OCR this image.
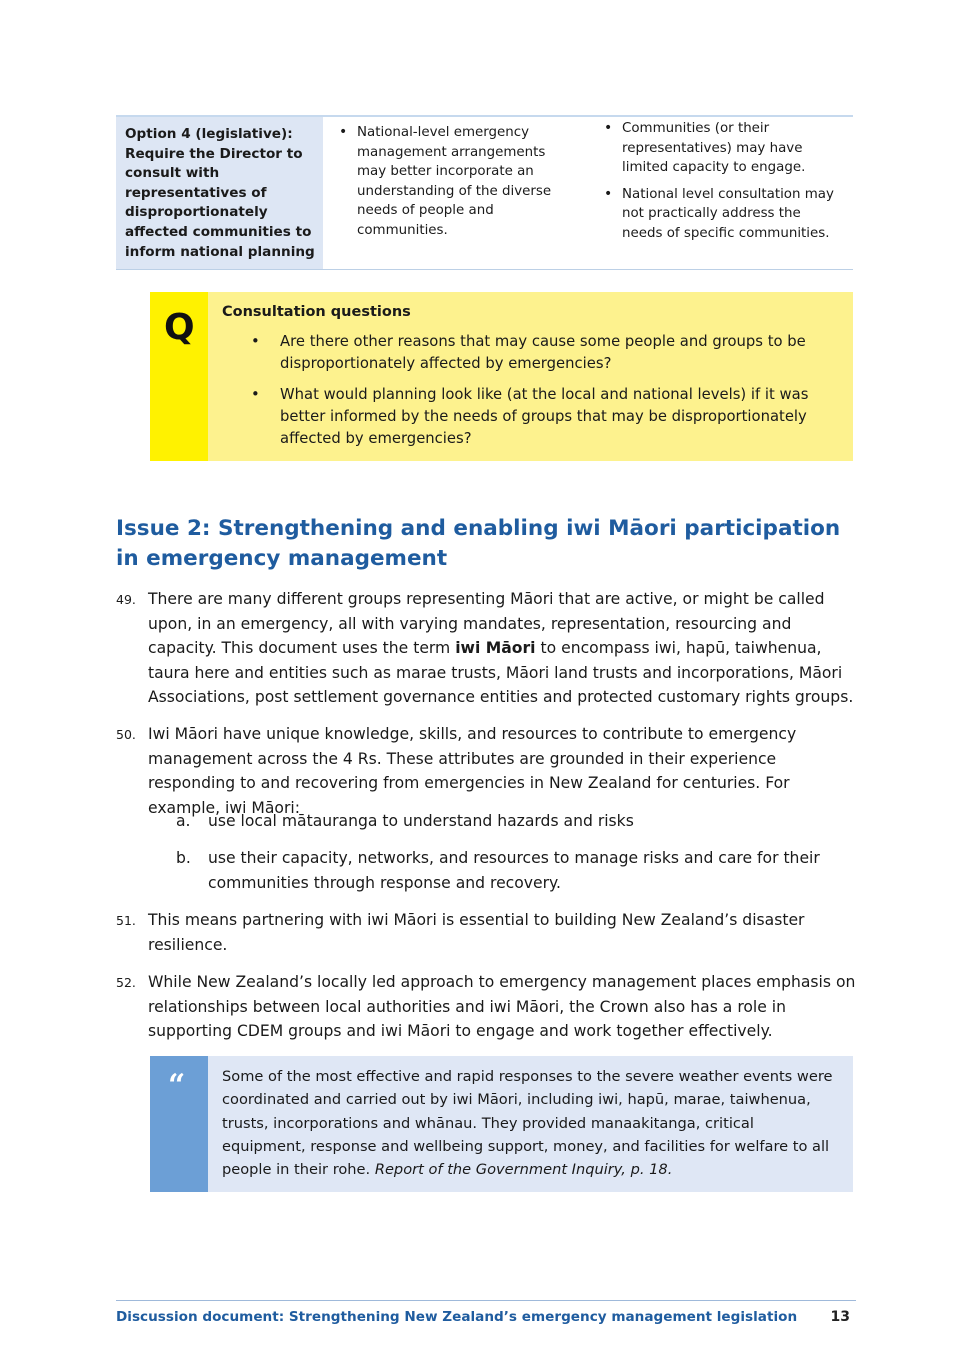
Option 4 (legislative): Require the Director to consult with representatives of disproportionately affected communities to inform national planning
• National-level emergency management arrangements may better incorporate an understanding of the diverse needs of people and communities.
• Communities (or their representatives) may have limited capacity to engage.
• National level consultation may not practically address the needs of specific communities.
Q Consultation questions
• Are there other reasons that may cause some people and groups to be disproportionately affected by emergencies?
• What would planning look like (at the local and national levels) if it was better informed by the needs of groups that may be disproportionately affected by emergencies?
Issue 2: Strengthening and enabling iwi Māori participation in emergency management
49. There are many different groups representing Māori that are active, or might be called upon, in an emergency, all with varying mandates, representation, resourcing and capacity. This document uses the term iwi Māori to encompass iwi, hapū, taiwhenua, taura here and entities such as marae trusts, Māori land trusts and incorporations, Māori Associations, post settlement governance entities and protected customary rights groups.
50. Iwi Māori have unique knowledge, skills, and resources to contribute to emergency management across the 4 Rs. These attributes are grounded in their experience responding to and recovering from emergencies in New Zealand for centuries. For example, iwi Māori:
a. use local mātauranga to understand hazards and risks
b. use their capacity, networks, and resources to manage risks and care for their communities through response and recovery.
51. This means partnering with iwi Māori is essential to building New Zealand’s disaster resilience.
52. While New Zealand’s locally led approach to emergency management places emphasis on relationships between local authorities and iwi Māori, the Crown also has a role in supporting CDEM groups and iwi Māori to engage and work together effectively.
“	Some of the most effective and rapid responses to the severe weather events were coordinated and carried out by iwi Māori, including iwi, hapū, marae, taiwhenua, trusts, incorporations and whānau. They provided manaakitanga, critical equipment, response and wellbeing support, money, and facilities for welfare to all people in their rohe. Report of the Government Inquiry, p. 18.
Discussion document: Strengthening New Zealand’s emergency management legislation	13
